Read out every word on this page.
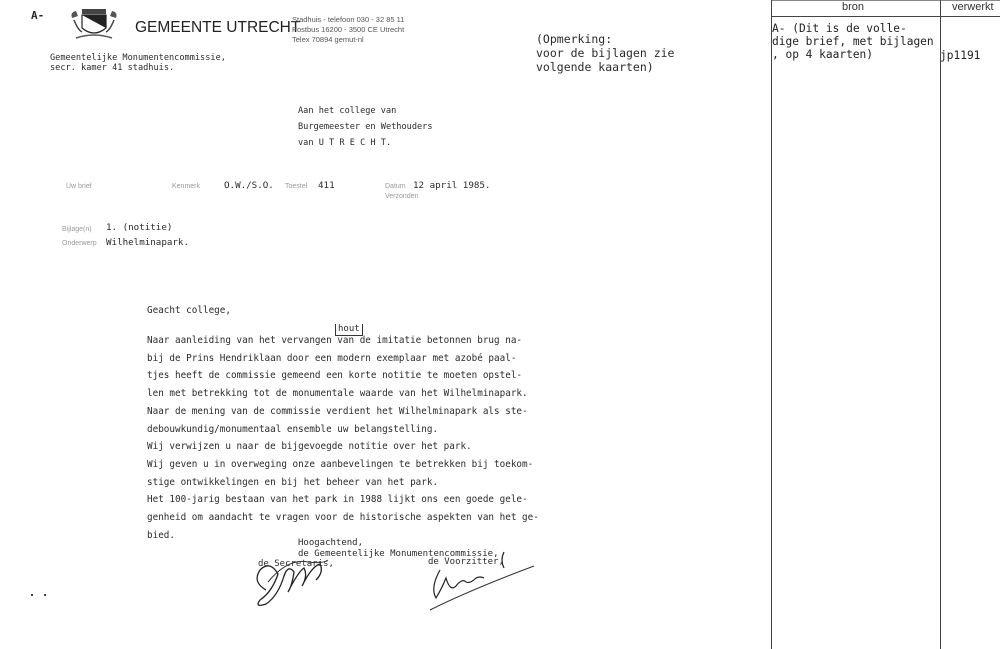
A-
GEMEENTE UTRECHT
Stadhuis - telefoon 030 - 32 85 11
Postbus 16200 - 3500 CE Utrecht
Telex 70894 gemut-nl
Gemeentelijke Monumentencommissie,
secr. kamer 41 stadhuis.
(Opmerking:
voor de bijlagen zie
volgende kaarten)
Aan het college van
Burgemeester en Wethouders
van U T R E C H T.
Uw brief	Kenmerk	O.W./S.O. Toestel 411	Datum 12 april 1985.
Verzonden
Bijlage(n) 1. (notitie)
Onderwerp Wilhelminapark.
Geacht college,
hout
Naar aanleiding van het vervangen van de imitatie betonnen brug na-
bij de Prins Hendriklaan door een modern exemplaar met azobé paal-
tjes heeft de commissie gemeend een korte notitie te moeten opstel-
len met betrekking tot de monumentale waarde van het Wilhelminapark.
Naar de mening van de commissie verdient het Wilhelminapark als ste-
debouwkundig/monumentaal ensemble uw belangstelling.
Wij verwijzen u naar de bijgevoegde notitie over het park.
Wij geven u in overweging onze aanbevelingen te betrekken bij toekom-
stige ontwikkelingen en bij het beheer van het park.
Het 100-jarig bestaan van het park in 1988 lijkt ons een goede gele-
genheid om aandacht te vragen voor de historische aspekten van het ge-
bied.
Hoogachtend,
de Gemeentelijke Monumentencommissie,
de Secretaris,	de Voorzitter,
bron	verwerkt
A- (Dit is de volle-
dige brief, met bijlagen
, op 4 kaarten)	jp1191
